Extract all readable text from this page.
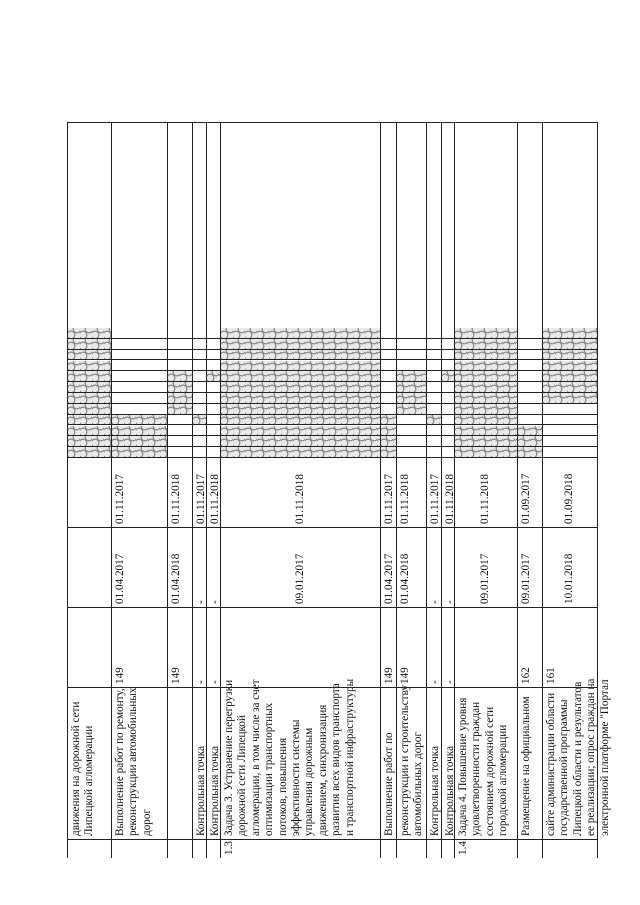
движения на дорожной сети Липецкой агломерации Выполнение работ по ремонту, реконструкции автомобильных дорог
149
01.04.2017
01.11.2017
149
01.04.2018
01.11.2018
Контрольная точка
-
-
01.11.2017
Контрольная точка
-
-
01.11.2018
1.3.
Задача 3. Устранение перегрузки дорожной сети Липецкой агломерации, в том числе за счет оптимизации транспортных потоков, повышения эффективности системы управления дорожным движением, синхронизация развития всех видов транспорта и транспортной инфраструктуры
09.01.2017
01.11.2018
Выполнение работ по
149
01.04.2017
01.11.2017
реконструкции и строительству автомобильных дорог
149
01.04.2018
01.11.2018
Контрольная точка
-
-
01.11.2017
Контрольная точка
-
-
01.11.2018
1.4.
Задача 4. Повышение уровня удовлетворенности граждан состоянием дорожной сети городской агломерации
09.01.2017
01.11.2018
Размещение на официальном
162
09.01.2017
01.09.2017
сайте администрации области государственной программы Липецкой области и результатов ее реализации; опрос граждан на электронной платформе "Портал
161
10.01.2018
01.09.2018
